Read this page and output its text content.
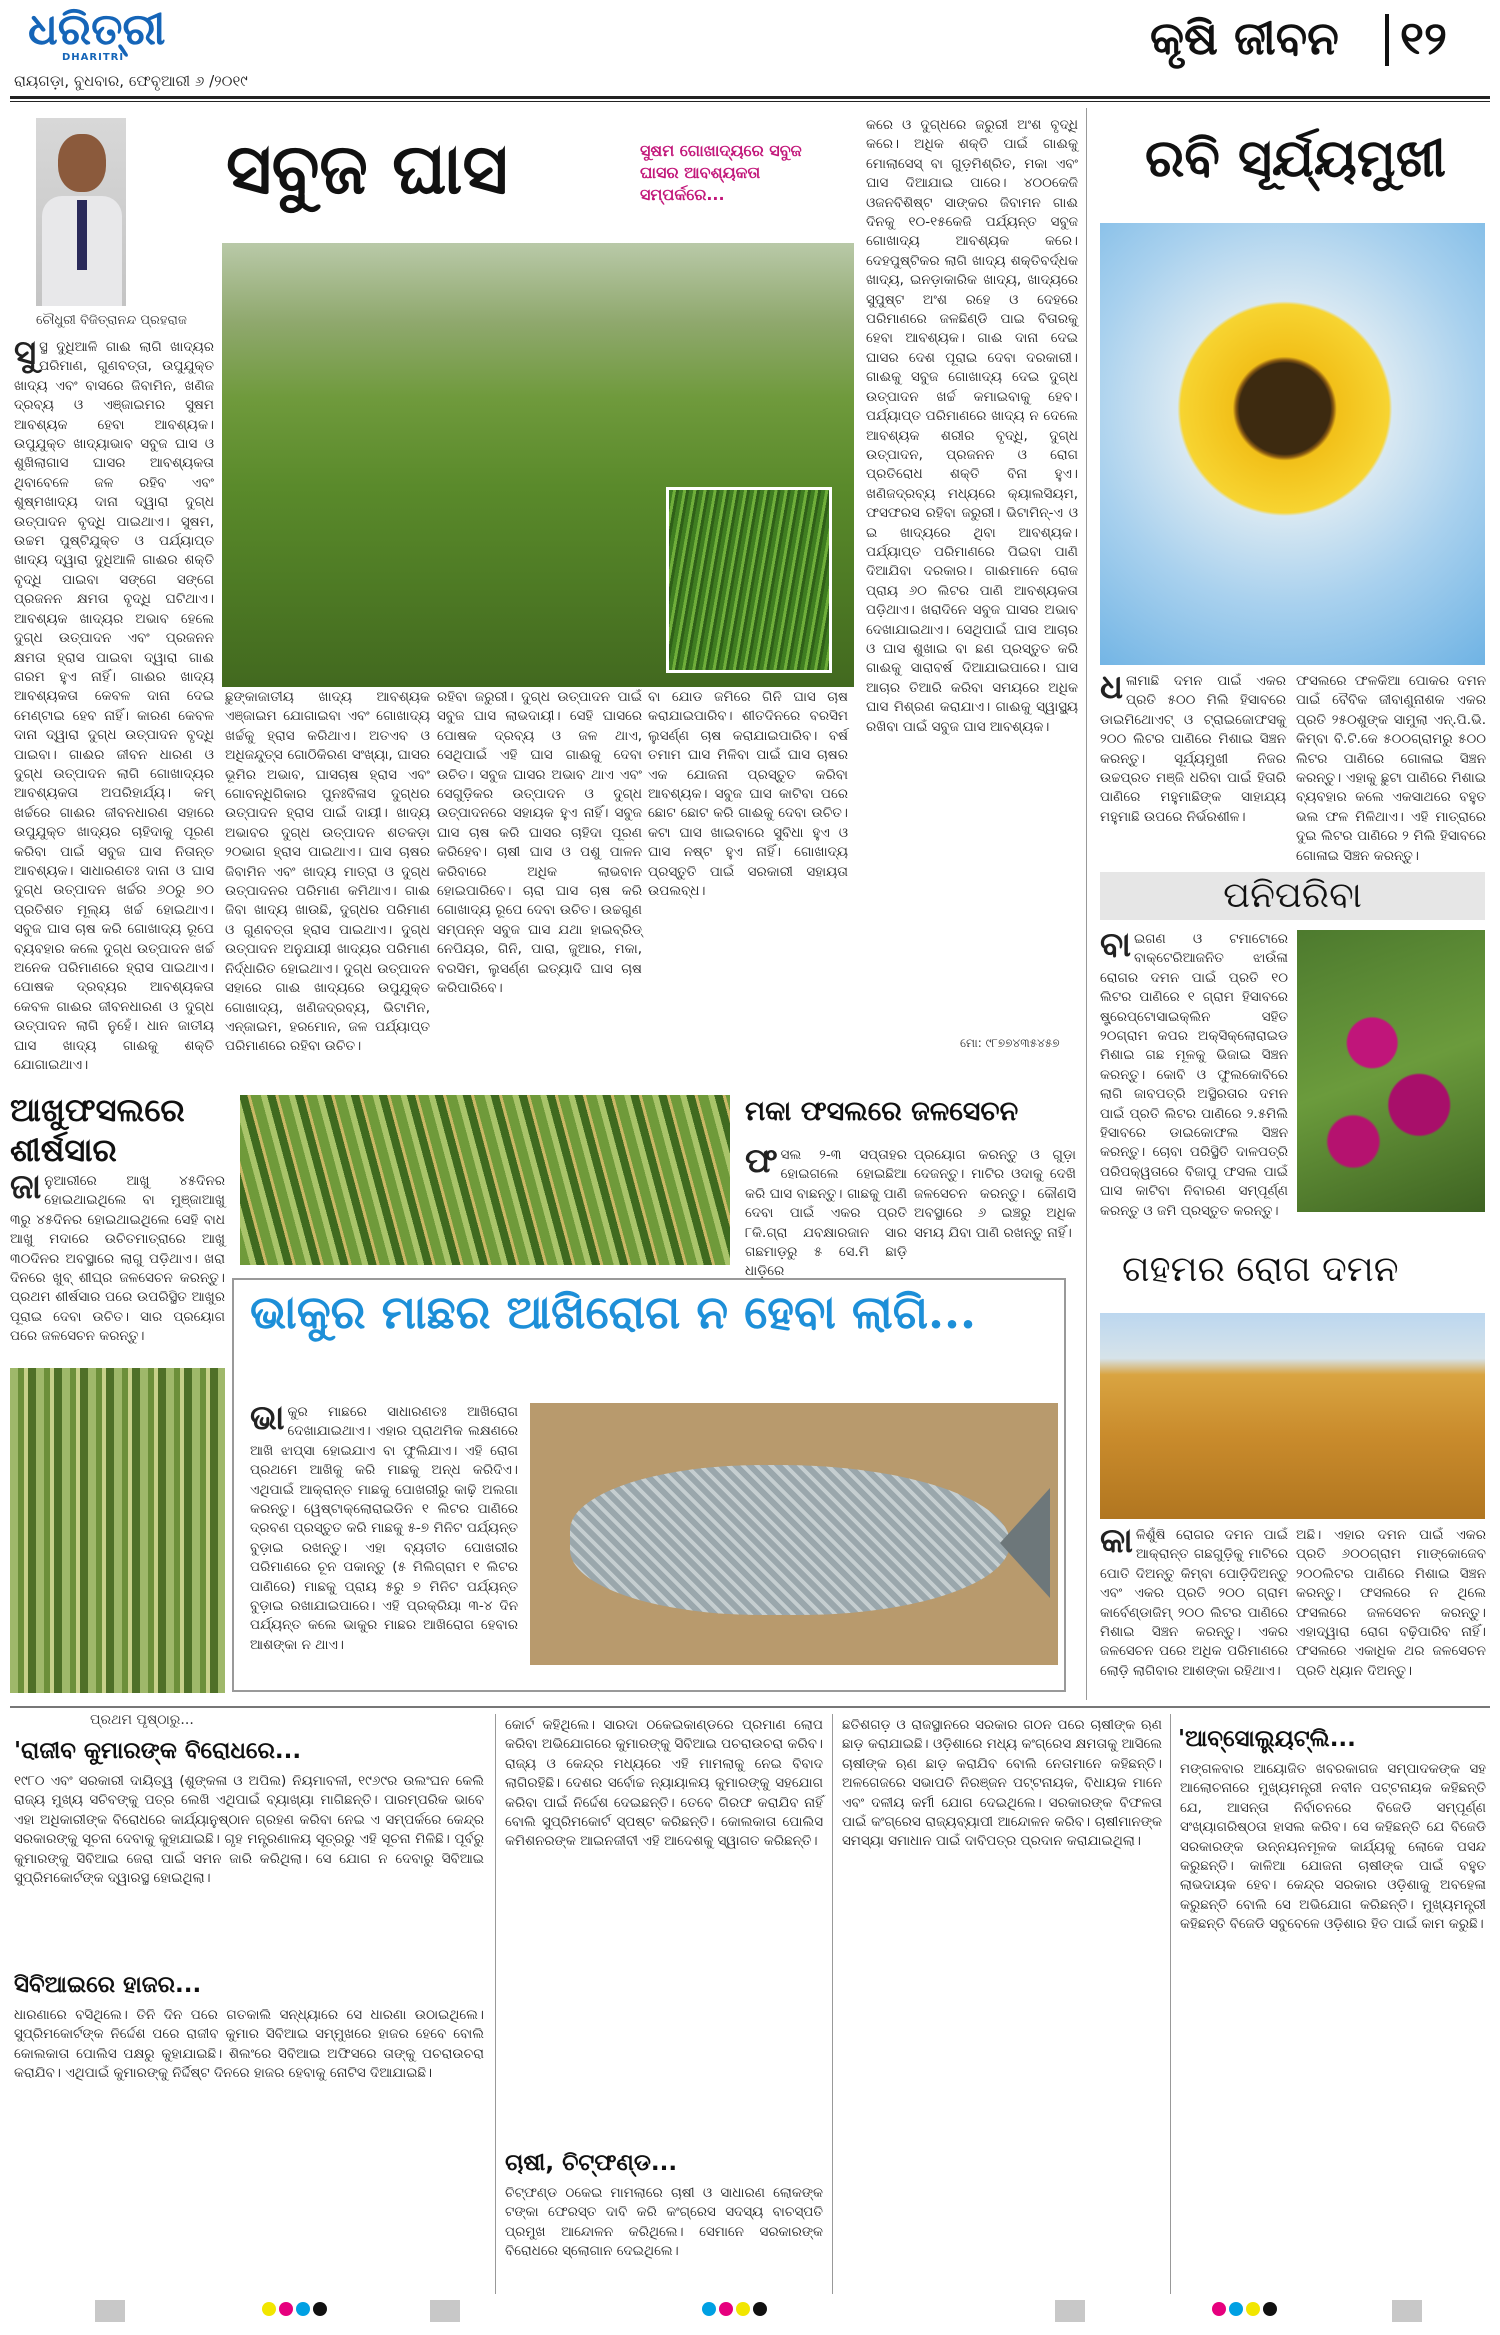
ଧରିତ୍ରୀ
DHARITRI
ରାୟଗଡ଼ା, ବୁଧବାର, ଫେବୃଆରୀ ୬ /୨୦୧୯
କୃଷି ଜୀବନ ୧୨
ଚୌଧୁରୀ ବିଜିତ୍ରାନନ୍ଦ ପ୍ରହରାଜ
ସବୁଜ ଘାସ	ସୁଷମ ଗୋଖାଦ୍ୟରେ ସବୁଜ ଘାସର ଆବଶ୍ୟକତା ସମ୍ପର୍କରେ...
ସୁସ୍ଥ ଦୁଧିଆଳି ଗାଈ ଲାଗି ଖାଦ୍ୟର ପରିମାଣ, ଗୁଣବତ୍ତା, ଉପୁଯୁକ୍ତ ଖାଦ୍ୟ ଏବଂ ବାସରେ ଜିବାମିନ, ଖଣିଜ ଦ୍ରବ୍ୟ ଓ ଏଞ୍ଜାଇମର ସୁଷମ ଆବଶ୍ୟକ ହେବା ଆବଶ୍ୟକ। ଉପୁଯୁକ୍ତ ଖାଦ୍ୟାଭାବ ସବୁଜ ଘାସ ଓ ଶୁଖିଲାଗାସ ଘାସର ଆବଶ୍ୟକତା ଥିବାବେଳେ ଜଳ ରହିବ ଏବଂ ଶୁଷ୍ମଖାଦ୍ୟ ଦାନା ଦ୍ୱାରା ଦୁଗ୍ଧ ଉତ୍ପାଦନ ବୃଦ୍ଧି ପାଇଥାଏ। ସୁଷମ, ଉଚ୍ଚମ ପୁଷ୍ଟିଯୁକ୍ତ ଓ ପର୍ଯ୍ୟାପ୍ତ ଖାଦ୍ୟ ଦ୍ୱାରା ଦୁଧିଆଳି ଗାଈର ଶକ୍ତି ବୃଦ୍ଧି ପାଇବା ସଙ୍ଗେ ସଙ୍ଗେ ପ୍ରଜନନ କ୍ଷମତା ବୃଦ୍ଧି ଘଟିଥାଏ। ଆବଶ୍ୟକ ଖାଦ୍ୟର ଅଭାବ ହେଲେ ଦୁଗ୍ଧ ଉତ୍ପାଦନ ଏବଂ ପ୍ରଜନନ କ୍ଷମତା ହ୍ରାସ ପାଇବା ଦ୍ୱାରା ଗାଈ ଗରମ ହୁଏ ନାହିଁ। ଗାଈର ଖାଦ୍ୟ ଆବଶ୍ୟକତା କେବଳ ଦାନା ଦେଇ ମେଣ୍ଟାଇ ହେବ ନାହିଁ। କାରଣ କେବଳ ଦାନା ଦ୍ୱାରା ଦୁଗ୍ଧ ଉତ୍ପାଦନ ବୃଦ୍ଧି ପାଇବା। ଗାଈର ଜୀବନ ଧାରଣ ଓ ଦୁଗ୍ଧ ଉତ୍ପାଦନ ଲାଗି ଗୋଖାଦ୍ୟର ଆବଶ୍ୟକତା ଅପରିହାର୍ଯ୍ୟ। କମ୍ ଖର୍ଚ୍ଚରେ ଗାଈର ଜୀବନଧାରଣ ସହାରେ ଉପୁଯୁକ୍ତ ଖାଦ୍ୟର ଚାହିଦାକୁ ପୂରଣ କରିବା ପାଇଁ ସବୁଜ ଘାସ ନିତାନ୍ତ ଆବଶ୍ୟକ। ସାଧାରଣତଃ ଦାନା ଓ ଘାସ ଦୁଗ୍ଧ ଉତ୍ପାଦନ ଖର୍ଚ୍ଚର ୬୦ରୁ ୭୦ ପ୍ରତିଶତ ମୂଲ୍ୟ ଖର୍ଚ୍ଚ ହୋଇଥାଏ। ସବୁଜ ଘାସ ଚାଷ କରି ଗୋଖାଦ୍ୟ ରୂପେ ବ୍ୟବହାର କଲେ ଦୁଗ୍ଧ ଉତ୍ପାଦନ ଖର୍ଚ୍ଚ ଅନେକ ପରିମାଣରେ ହ୍ରାସ ପାଇଥାଏ। ପୋଷକ ଦ୍ରବ୍ୟର ଆବଶ୍ୟକତା କେବଳ ଗାଈର ଜୀବନଧାରଣ ଓ ଦୁଗ୍ଧ ଉତ୍ପାଦନ ଲାଗି ନୁହେଁ। ଧାନ ଜାତୀୟ ଘାସ ଖାଦ୍ୟ ଗାଈକୁ ଶକ୍ତି ଯୋଗାଇଥାଏ।
ଛୁଙ୍କାଜାତୀୟ ଖାଦ୍ୟ ଆବଶ୍ୟକ ଏଞ୍ଜାଇମ ଯୋଗାଇବା ଏବଂ ଗୋଖାଦ୍ୟ ଖର୍ଚ୍ଚକୁ ହ୍ରାସ କରିଥାଏ। ଅତଏବ ଓ ଅଧିଜନ୍ଦୁତ୍ସ ଗୋଠିକିରଣ ସଂଖ୍ୟା, ଘାସର ଭୂମିର ଅଭାବ, ଘାସଚାଷ ହ୍ରାସ ଏବଂ ଗୋବନ୍ଧିଗିକାର ପୁନଃବିଳାସ ଦୁଗ୍ଧର ଉତ୍ପାଦନ ହ୍ରାସ ପାଇଁ ଦାୟୀ। ଖାଦ୍ୟ ଅଭାବର ଦୁଗ୍ଧ ଉତ୍ପାଦନ ଶତକଡ଼ା ୨୦ଭାଗ ହ୍ରାସ ପାଇଥାଏ। ଘାସ ଚାଷର ଜିବାମିନ ଏବଂ ଖାଦ୍ୟ ମାତ୍ରା ଓ ଦୁଗ୍ଧ ଉତ୍ପାଦନର ପରିମାଣ କମିଥାଏ। ଗାଈ ଜିବା ଖାଦ୍ୟ ଖାଉଛି, ଦୁଗ୍ଧର ପରିମାଣ ଓ ଗୁଣବତ୍ତା ହ୍ରାସ ପାଇଥାଏ। ଦୁଗ୍ଧ ଉତ୍ପାଦନ ଅନୁଯାୟୀ ଖାଦ୍ୟର ପରିମାଣ ନିର୍ଦ୍ଧାରିତ ହୋଇଥାଏ। ଦୁଗ୍ଧ ଉତ୍ପାଦନ ସହାରେ ଗାଈ ଖାଦ୍ୟରେ ଉପୁଯୁକ୍ତ ଗୋଖାଦ୍ୟ, ଖଣିଜଦ୍ରବ୍ୟ, ଭିଟାମିନ, ଏନ୍ଜାଇମ, ହରମୋନ, ଜଳ ପର୍ଯ୍ୟାପ୍ତ ପରିମାଣରେ ରହିବା ଉଚିତ।
ରହିବା ଜରୁରୀ। ଦୁଗ୍ଧ ଉତ୍ପାଦନ ପାଇଁ ସବୁଜ ଘାସ ଲାଭଦାୟୀ। ସେହି ଘାସରେ ପୋଷକ ଦ୍ରବ୍ୟ ଓ ଜଳ ଥାଏ, ସେଥିପାଇଁ ଏହି ଘାସ ଗାଈକୁ ଦେବା ଉଚିତ। ସବୁଜ ଘାସର ଅଭାବ ଥାଏ ଏବଂ ସେଗୁଡ଼ିକର ଉତ୍ପାଦନ ଓ ଦୁଗ୍ଧ ଉତ୍ପାଦନରେ ସହାୟକ ହୁଏ ନାହିଁ। ସବୁଜ ଘାସ ଚାଷ କରି ଘାସର ଚାହିଦା ପୂରଣ କରିହେବ। ଚାଷୀ ଘାସ ଓ ପଶୁ ପାଳନ କରିବାରେ ଅଧିକ ଲାଭବାନ ହୋଇପାରିବେ। ଚାରା ଘାସ ଚାଷ କରି ଗୋଖାଦ୍ୟ ରୂପେ ଦେବା ଉଚିତ। ଉଚ୍ଚଗୁଣ ସମ୍ପନ୍ନ ସବୁଜ ଘାସ ଯଥା ହାଇବ୍ରିଡ୍ ନେପିୟର, ଗିନି, ପାରା, ଜୁଆର, ମକା, ବରସିମ, ଲୁସର୍ଣ୍ଣ ଇତ୍ୟାଦି ଘାସ ଚାଷ କରିପାରିବେ।
ବା ଯୋଡ ଜମିରେ ଗିନି ଘାସ ଚାଷ କରାଯାଇପାରିବ। ଶୀତଦିନରେ ବରସିମ ଲୁସର୍ଣ୍ଣ ଚାଷ କରାଯାଇପାରିବ। ବର୍ଷ ତମାମ ଘାସ ମିଳିବା ପାଇଁ ଘାସ ଚାଷର ଏକ ଯୋଜନା ପ୍ରସ୍ତୁତ କରିବା ଆବଶ୍ୟକ। ସବୁଜ ଘାସ କାଟିବା ପରେ ଛୋଟ ଛୋଟ କରି ଗାଈକୁ ଦେବା ଉଚିତ। କଟା ଘାସ ଖାଇବାରେ ସୁବିଧା ହୁଏ ଓ ଘାସ ନଷ୍ଟ ହୁଏ ନାହିଁ। ଗୋଖାଦ୍ୟ ପ୍ରସ୍ତୁତି ପାଇଁ ସରକାରୀ ସହାୟତା ଉପଲବ୍ଧ।
କରେ ଓ ଦୁଗ୍ଧରେ ଜରୁରୀ ଅଂଶ ବୃଦ୍ଧି କରେ। ଅଧିକ ଶକ୍ତି ପାଇଁ ଗାଈକୁ ମୋଲାସେସ୍ ବା ଗୁଡ଼ମିଶ୍ରିତ, ମକା ଏବଂ ଘାସ ଦିଆଯାଇ ପାରେ। ୪୦୦କେଜି ଓଜନବିଶିଷ୍ଟ ସାଙ୍କର ଜିବାମନ ଗାଈ ଦିନକୁ ୧୦-୧୫କେଜି ପର୍ଯ୍ୟନ୍ତ ସବୁଜ ଗୋଖାଦ୍ୟ ଆବଶ୍ୟକ କରେ। ଦେହପୁଷ୍ଟିକର ଲାଗି ଖାଦ୍ୟ ଶକ୍ତିବର୍ଦ୍ଧକ ଖାଦ୍ୟ, ଇନଡ଼ାକାରିକ ଖାଦ୍ୟ, ଖାଦ୍ୟରେ ସୁପୁଷ୍ଟ ଅଂଶ ରହେ ଓ ଦେହରେ ପରିମାଣରେ ଜଳଛିଣ୍ଡି ପାଇ ବିତାରକୁ ହେବା ଆବଶ୍ୟକ। ଗାଈ ଦାନା ଦେଇ ଘାସର ଦେଶ ପୂରାଇ ଦେବା ଦରକାରୀ। ଗାଈକୁ ସବୁଜ ଗୋଖାଦ୍ୟ ଦେଇ ଦୁଗ୍ଧ ଉତ୍ପାଦନ ଖର୍ଚ୍ଚ କମାଇବାକୁ ହେବ। ପର୍ଯ୍ୟାପ୍ତ ପରିମାଣରେ ଖାଦ୍ୟ ନ ଦେଲେ ଆବଶ୍ୟକ ଶରୀର ବୃଦ୍ଧି, ଦୁଗ୍ଧ ଉତ୍ପାଦନ, ପ୍ରଜନନ ଓ ରୋଗ ପ୍ରତିରୋଧ ଶକ୍ତି ବିନା ହୁଏ। ଖଣିଜଦ୍ରବ୍ୟ ମଧ୍ୟରେ କ୍ୟାଲସିୟମ, ଫସଫରସ ରହିବା ଜରୁରୀ। ଭିଟାମିନ୍-ଏ ଓ ଇ ଖାଦ୍ୟରେ ଥିବା ଆବଶ୍ୟକ। ପର୍ଯ୍ୟାପ୍ତ ପରିମାଣରେ ପିଇବା ପାଣି ଦିଆଯିବା ଦରକାର। ଗାଈମାନେ ରୋଜ ପ୍ରାୟ ୬୦ ଲିଟର ପାଣି ଆବଶ୍ୟକତା ପଡ଼ିଥାଏ। ଖରାଦିନେ ସବୁଜ ଘାସର ଅଭାବ ଦେଖାଯାଇଥାଏ। ସେଥିପାଇଁ ଘାସ ଆଚାର ଓ ଘାସ ଶୁଖାଇ ବା ଛଣ ପ୍ରସ୍ତୁତ କରି ଗାଈକୁ ସାରାବର୍ଷ ଦିଆଯାଇପାରେ। ଘାସ ଆଚାର ତିଆରି କରିବା ସମୟରେ ଅଧିକ ଘାସ ମିଶ୍ରଣ କରାଯାଏ। ଗାଈକୁ ସ୍ୱାସ୍ଥ୍ୟ ରଖିବା ପାଇଁ ସବୁଜ ଘାସ ଆବଶ୍ୟକ।
ମୋ: ୯୮୭୭୪୩୫୪୫୭
ରବି ସୂର୍ଯ୍ୟମୁଖୀ
ଧଳାମାଛି ଦମନ ପାଇଁ ଏକର ପ୍ରତି ୫୦୦ ମିଲି ହିସାବରେ ଡାଇମିଥୋଏଟ୍ ଓ ଟ୍ରାଇଜୋଫସକୁ ୨୦୦ ଲିଟର ପାଣିରେ ମିଶାଇ ସିଞ୍ଚନ କରନ୍ତୁ। ସୂର୍ଯ୍ୟମୁଖୀ ନିଜର ଉଚ୍ଚପ୍ରତ ମଞ୍ଜି ଧରିବା ପାଇଁ ହିତାରି ପାଣିରେ ମହୁମାଛିଙ୍କ ସାହାଯ୍ୟ ମହୁମାଛି ଉପରେ ନିର୍ଭରଶୀଳ।
ଫସଲରେ ଫଳକିଆ ପୋକର ଦମନ ପାଇଁ ବୈବିକ ଜୀବାଣୁନାଶକ ଏକର ପ୍ରତି ୨୫୦ଶୁଙ୍କ ସାମୁଲା ଏନ୍.ପି.ଭି. କିମ୍ବା ବି.ଟି.କେ ୫୦୦ଗ୍ରାମରୁ ୫୦୦ ଲିଟର ପାଣିରେ ଗୋଳାଇ ସିଞ୍ଚନ କରନ୍ତୁ। ଏହାକୁ ଛୁଟା ପାଣିରେ ମିଶାଇ ବ୍ୟବହାର କଲେ ଏକସାଥରେ ବହୁତ ଭଲ ଫଳ ମିଳିଥାଏ। ଏହି ମାତ୍ରାରେ ଦୁଇ ଲିଟର ପାଣିରେ ୨ ମିଲି ହିସାବରେ ଗୋଳାଇ ସିଞ୍ଚନ କରନ୍ତୁ।
ପନିପରିବା
ବାଇଗଣ ଓ ଟମାଟୋରେ ବାକ୍ଟେରିଆଜନିତ ଝାଉଁଳା ରୋଗର ଦମନ ପାଇଁ ପ୍ରତି ୧୦ ଲିଟର ପାଣିରେ ୧ ଗ୍ରାମ ହିସାବରେ ଷ୍ଟ୍ରେପ୍ଟୋସାଇକ୍ଲିନ ସହିତ ୨୦ଗ୍ରାମ କପର ଅକ୍ସିକ୍ଲୋରାଇଡ ମିଶାଇ ଗଛ ମୂଳକୁ ଭିଜାଇ ସିଞ୍ଚନ କରନ୍ତୁ। କୋବି ଓ ଫୁଲକୋବିରେ ଲାଗି ଜାବପତ୍ରି ଅସ୍ଥିରତାର ଦମନ ପାଇଁ ପ୍ରତି ଲିଟର ପାଣିରେ ୨.୫ମିଲି ହିସାବରେ ଡାଇକୋଫଲ ସିଞ୍ଚନ କରନ୍ତୁ। ଚୋବା ପରିସ୍ଥିତି ଦାଳପତ୍ରି ପରିପକ୍ୱତାରେ ବିଜାପୁ ଫସଲ ପାଇଁ ଘାସ କାଟିବା ନିବାରଣ ସମ୍ପୂର୍ଣ୍ଣ କରନ୍ତୁ ଓ ଜମି ପ୍ରସ୍ତୁତ କରନ୍ତୁ।
ଗହମର ରୋଗ ଦମନ
କାଳିଶୁଁଷି ରୋଗର ଦମନ ପାଇଁ ଆକ୍ରାନ୍ତ ଗଛଗୁଡ଼ିକୁ ମାଟିରେ ପୋତି ଦିଅନ୍ତୁ କିମ୍ବା ପୋଡ଼ିଦିଅନ୍ତୁ ଏବଂ ଏକର ପ୍ରତି ୨୦୦ ଗ୍ରାମ କାର୍ବେଣ୍ଡାଜିମ୍ ୨୦୦ ଲିଟର ପାଣିରେ ମିଶାଇ ସିଞ୍ଚନ କରନ୍ତୁ। ଏକର ଜଳସେଚନ ପରେ ଅଧିକ ପରିମାଣରେ ଲୋଡ଼ି ଲାଗିବାର ଆଶଙ୍କା ରହିଥାଏ।
ଅଛି। ଏହାର ଦମନ ପାଇଁ ଏକର ପ୍ରତି ୬୦୦ଗ୍ରାମ ମାଙ୍କୋଜେବ ୨୦୦ଲିଟର ପାଣିରେ ମିଶାଇ ସିଞ୍ଚନ କରନ୍ତୁ। ଫସଲରେ ନ ଥିଲେ ଫସଲରେ ଜଳସେଚନ କରନ୍ତୁ। ଏହାଦ୍ୱାରା ରୋଗ ବଢ଼ିପାରିବ ନାହିଁ। ଫସଲରେ ଏକାଧିକ ଥର ଜଳସେଚନ ପ୍ରତି ଧ୍ୟାନ ଦିଅନ୍ତୁ।
ଆଖୁଫସଲରେ ଶୀର୍ଷସାର
ଜାନୁଆରୀରେ ଆଖୁ ୪୫ଦିନର ହୋଇଥାଇଥିଲେ ବା ମୁଞ୍ଜାଆଖୁ ୩ରୁ ୪୫ଦିନର ହୋଇଥାଇଥିଲେ ସେହି ବାଧ ଆଖୁ ମଦାରେ ଉଚିତମାତ୍ରାରେ ଆଖୁ ୩୦ଦିନର ଅବସ୍ଥାରେ ଲାଗୁ ପଡ଼ିଥାଏ। ଖରା ଦିନରେ ଖୁବ୍ ଶୀଘ୍ର ଜଳସେଚନ କରନ୍ତୁ। ପ୍ରଥମ ଶୀର୍ଷସାର ପରେ ଉପରିସ୍ଥିତ ଆଖୁର ପୂରାଇ ଦେବା ଉଚିତ। ସାର ପ୍ରୟୋଗ ପରେ ଜଳସେଚନ କରନ୍ତୁ।
ମକା ଫସଲରେ ଜଳସେଚନ
ଫସଲ ୨-୩ ସପ୍ତାହର ହୋଇଗଲେ ହୋଇଛିଆ କରି ଘାସ ବାଛନ୍ତୁ। ଗାଛକୁ ପାଣି ଦେବା ପାଇଁ ଏକର ପ୍ରତି ୮କି.ଗ୍ରା ଯବକ୍ଷାରଜାନ ସାର ଗଛମାଡ଼ରୁ ୫ ସେ.ମି ଛାଡ଼ି ଧାଡ଼ିରେ
ପ୍ରୟୋଗ କରନ୍ତୁ ଓ ଗୁଡ଼ା ଦେଜନ୍ତୁ। ମାଟିର ଓଦାକୁ ଦେଖି ଜଳସେଚନ କରନ୍ତୁ। କୌଣସି ଅବସ୍ଥାରେ ୬ ଇଞ୍ଚରୁ ଅଧିକ ସମୟ ଯିବା ପାଣି ରଖନ୍ତୁ ନାହିଁ।
ଭାକୁର ମାଛର ଆଖିରୋଗ ନ ହେବା ଲାଗି...
ଭାକୁର ମାଛରେ ସାଧାରଣତଃ ଆଖିରୋଗ ଦେଖାଯାଇଥାଏ। ଏହାର ପ୍ରାଥମିକ ଲକ୍ଷଣରେ ଆଖି ଝାପ୍‌ସା ହୋଇଯାଏ ବା ଫୁଲିଯାଏ। ଏହି ରୋଗ ପ୍ରଥମେ ଆଖିକୁ କରି ମାଛକୁ ଅନ୍ଧ କରିଦିଏ। ଏଥିପାଇଁ ଆକ୍ରାନ୍ତ ମାଛକୁ ପୋଖରୀରୁ କାଢ଼ି ଅଲଗା କରନ୍ତୁ। ୱେଷ୍ଟାକ୍ଲୋରାଇଡିନ ୧ ଲିଟର ପାଣିରେ ଦ୍ରବଣ ପ୍ରସ୍ତୁତ କରି ମାଛକୁ ୫-୭ ମିନିଟ ପର୍ଯ୍ୟନ୍ତ ବୁଡ଼ାଇ ରଖନ୍ତୁ। ଏହା ବ୍ୟତୀତ ପୋଖରୀର ପରିମାଣରେ ଚୂନ ପକାନ୍ତୁ (୫ ମିଲିଗ୍ରାମ ୧ ଲିଟର ପାଣିରେ) ମାଛକୁ ପ୍ରାୟ ୫ରୁ ୭ ମିନିଟ ପର୍ଯ୍ୟନ୍ତ ବୁଡ଼ାଇ ରଖାଯାଇପାରେ। ଏହି ପ୍ରକ୍ରିୟା ୩-୪ ଦିନ ପର୍ଯ୍ୟନ୍ତ କଲେ ଭାକୁର ମାଛର ଆଖିରୋଗ ହେବାର ଆଶଙ୍କା ନ ଥାଏ।
ପ୍ରଥମ ପୃଷ୍ଠାରୁ...
'ରାଜୀବ କୁମାରଙ୍କ ବିରୋଧରେ...
୧୯୮୦ ଏବଂ ସରକାରୀ ଦାୟିତ୍ୱ (ଶୁଙ୍କଳା ଓ ଅପିଲ) ନିୟମାବଳୀ, ୧୯୬୯ର ଉଲଂଘନ କେଲି ରାଜ୍ୟ ମୁଖ୍ୟ ସଚିବଙ୍କୁ ପତ୍ର ଲେଖି ଏଥିପାଇଁ ବ୍ୟାଖ୍ୟା ମାଗିଛନ୍ତି। ପାରମ୍ପରିକ ଭାବେ ଏହା ଅଧିକାରୀଙ୍କ ବିରୋଧରେ କାର୍ଯ୍ୟାନୁଷ୍ଠାନ ଗ୍ରହଣ କରିବା ନେଇ ଏ ସମ୍ପର୍କରେ କେନ୍ଦ୍ର ସରକାରଙ୍କୁ ସୂଚନା ଦେବାକୁ କୁହାଯାଇଛି। ଗୃହ ମନ୍ତ୍ରଣାଳୟ ସୂତ୍ରରୁ ଏହି ସୂଚନା ମିଳିଛି। ପୂର୍ବରୁ କୁମାରଙ୍କୁ ସିବିଆଇ ଜେରା ପାଇଁ ସମନ ଜାରି କରିଥିଲା। ସେ ଯୋଗ ନ ଦେବାରୁ ସିବିଆଇ ସୁପ୍ରିମକୋର୍ଟଙ୍କ ଦ୍ୱାରସ୍ଥ ହୋଇଥିଲା।
ସିବିଆଇରେ ହାଜର...
ଧାରଣାରେ ବସିଥିଲେ। ତିନି ଦିନ ପରେ ଗତକାଲି ସନ୍ଧ୍ୟାରେ ସେ ଧାରଣା ଉଠାଇଥିଲେ। ସୁପ୍ରିମକୋର୍ଟଙ୍କ ନିର୍ଦ୍ଦେଶ ପରେ ରାଜୀବ କୁମାର ସିବିଆଇ ସମ୍ମୁଖରେ ହାଜର ହେବେ ବୋଲି କୋଲକାତା ପୋଲିସ ପକ୍ଷରୁ କୁହାଯାଇଛି। ଶିଲଂରେ ସିବିଆଇ ଅଫିସରେ ତାଙ୍କୁ ପଚରାଉଚରା କରାଯିବ। ଏଥିପାଇଁ କୁମାରଙ୍କୁ ନିର୍ଦ୍ଦିଷ୍ଟ ଦିନରେ ହାଜର ହେବାକୁ ନୋଟିସ ଦିଆଯାଇଛି।
କୋର୍ଟ କହିଥିଲେ। ସାରଦା ଠକେଇକାଣ୍ଡରେ ପ୍ରମାଣ ଲୋପ କରିବା ଅଭିଯୋଗରେ କୁମାରଙ୍କୁ ସିବିଆଇ ପଚରାଉଚରା କରିବ। ରାଜ୍ୟ ଓ କେନ୍ଦ୍ର ମଧ୍ୟରେ ଏହି ମାମଲାକୁ ନେଇ ବିବାଦ ଲାଗିରହିଛି। ଦେଶର ସର୍ବୋଚ୍ଚ ନ୍ୟାୟାଳୟ କୁମାରଙ୍କୁ ସହଯୋଗ କରିବା ପାଇଁ ନିର୍ଦ୍ଦେଶ ଦେଇଛନ୍ତି। ତେବେ ଗିରଫ କରାଯିବ ନାହିଁ ବୋଲି ସୁପ୍ରିମକୋର୍ଟ ସ୍ପଷ୍ଟ କରିଛନ୍ତି। କୋଲକାତା ପୋଲିସ କମିଶନରଙ୍କ ଆଇନଜୀବୀ ଏହି ଆଦେଶକୁ ସ୍ୱାଗତ କରିଛନ୍ତି।
ଚାଷୀ, ଚିଟ୍‌ଫଣ୍ଡ...
ଚିଟ୍‌ଫଣ୍ଡ ଠକେଇ ମାମଲାରେ ଚାଷୀ ଓ ସାଧାରଣ ଲୋକଙ୍କ ଟଙ୍କା ଫେରସ୍ତ ଦାବି କରି କଂଗ୍ରେସ ସଦସ୍ୟ ବାଚସ୍ପତି ପ୍ରମୁଖ ଆନ୍ଦୋଳନ କରିଥିଲେ। ସେମାନେ ସରକାରଙ୍କ ବିରୋଧରେ ସ୍ଲୋଗାନ ଦେଇଥିଲେ।
ଛତିଶଗଡ଼ ଓ ରାଜସ୍ଥାନରେ ସରକାର ଗଠନ ପରେ ଚାଷୀଙ୍କ ଋଣ ଛାଡ଼ କରାଯାଇଛି। ଓଡ଼ିଶାରେ ମଧ୍ୟ କଂଗ୍ରେସ କ୍ଷମତାକୁ ଆସିଲେ ଚାଷୀଙ୍କ ଋଣ ଛାଡ଼ କରାଯିବ ବୋଲି ନେତାମାନେ କହିଛନ୍ତି। ଅଳଗେଜରେ ସଭାପତି ନିରଞ୍ଜନ ପଟ୍ଟନାୟକ, ବିଧାୟକ ମାନେ ଏବଂ ଦଳୀୟ କର୍ମୀ ଯୋଗ ଦେଇଥିଲେ। ସରକାରଙ୍କ ବିଫଳତା ପାଇଁ କଂଗ୍ରେସ ରାଜ୍ୟବ୍ୟାପୀ ଆନ୍ଦୋଳନ କରିବ। ଚାଷୀମାନଙ୍କ ସମସ୍ୟା ସମାଧାନ ପାଇଁ ଦାବିପତ୍ର ପ୍ରଦାନ କରାଯାଇଥିଲା।
'ଆବ୍‌ସୋଲ୍ୟୁଟ୍‌ଲି...
ମଙ୍ଗଳବାର ଆୟୋଜିତ ଖବରକାଗଜ ସମ୍ପାଦକଙ୍କ ସହ ଆଲୋଚନାରେ ମୁଖ୍ୟମନ୍ତ୍ରୀ ନବୀନ ପଟ୍ଟନାୟକ କହିଛନ୍ତି ଯେ, ଆସନ୍ତା ନିର୍ବାଚନରେ ବିଜେଡି ସମ୍ପୂର୍ଣ୍ଣ ସଂଖ୍ୟାଗରିଷ୍ଠତା ହାସଲ କରିବ। ସେ କହିଛନ୍ତି ଯେ ବିଜେଡି ସରକାରଙ୍କ ଉନ୍ନୟନମୂଳକ କାର୍ଯ୍ୟକୁ ଲୋକେ ପସନ୍ଦ କରୁଛନ୍ତି। କାଳିଆ ଯୋଜନା ଚାଷୀଙ୍କ ପାଇଁ ବହୁତ ଲାଭଦାୟକ ହେବ। କେନ୍ଦ୍ର ସରକାର ଓଡ଼ିଶାକୁ ଅବହେଳା କରୁଛନ୍ତି ବୋଲି ସେ ଅଭିଯୋଗ କରିଛନ୍ତି। ମୁଖ୍ୟମନ୍ତ୍ରୀ କହିଛନ୍ତି ବିଜେଡି ସବୁବେଳେ ଓଡ଼ିଶାର ହିତ ପାଇଁ କାମ କରୁଛି।
